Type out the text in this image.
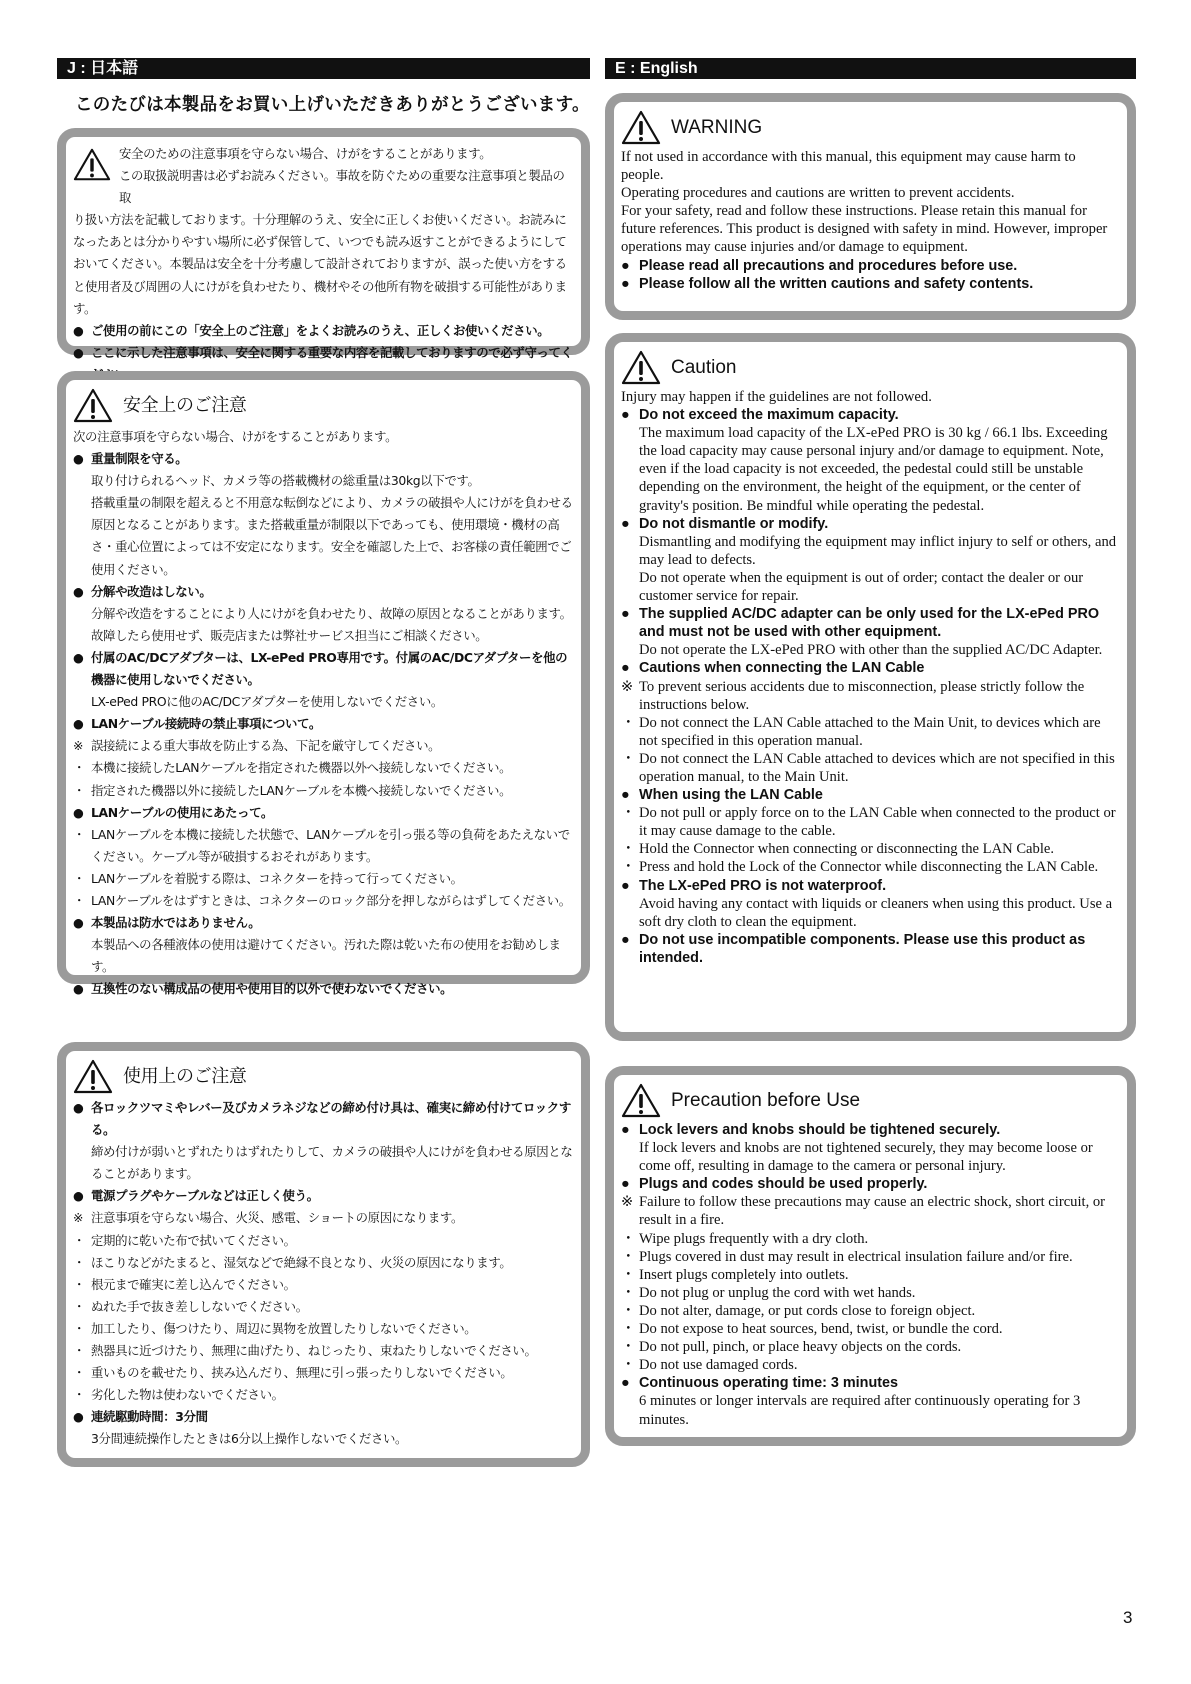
J : 日本語
このたびは本製品をお買い上げいただきありがとうございます。

安全のための注意事項を守らない場合、けがをすることがあります。

この取扱説明書は必ずお読みください。事故を防ぐための重要な注意事項と製品の取

り扱い方法を記載しております。十分理解のうえ、安全に正しくお使いください。お読みになったあとは分かりやすい場所に必ず保管して、いつでも読み返すことができるようにしておいてください。本製品は安全を十分考慮して設計されておりますが、誤った使い方をすると使用者及び周囲の人にけがを負わせたり、機材やその他所有物を破損する可能性があります。

● ご使用の前にこの「安全上のご注意」をよくお読みのうえ、正しくお使いください。

● ここに示した注意事項は、安全に関する重要な内容を記載しておりますので必ず守ってく

安全上のご注意

次の注意事項を守らない場合、けがをすることがあります。

● 重量制限を守る。

取り付けられるヘッド、カメラ等の搭載機材の総重量は30kg以下です。

搭載重量の制限を超えると不用意な転倒などにより、カメラの破損や人にけがを負わせる原因となることがあります。また搭載重量が制限以下であっても、使用環境・機材の高さ・重心位置によっては不安定になります。安全を確認した上で、お客様の責任範囲でご使用ください。

● 分解や改造はしない。

分解や改造をすることにより人にけがを負わせたり、故障の原因となることがあります。故障したら使用せず、販売店または弊社サービス担当にご相談ください。

● 付属のAC/DCアダプターは、LX-ePed PRO専用です。付属のAC/DCアダプターを他の機器に使用しないでください。

LX-ePed PROに他のAC/DCアダプターを使用しないでください。

● LANケーブル接続時の禁止事項について。

※ 誤接続による重大事故を防止する為、下記を厳守してください。

・ 本機に接続したLANケーブルを指定された機器以外へ接続しないでください。

・ 指定された機器以外に接続したLANケーブルを本機へ接続しないでください。

● LANケーブルの使用にあたって。

・ LANケーブルを本機に接続した状態で、LANケーブルを引っ張る等の負荷をあたえないでください。ケーブル等が破損するおそれがあります。

・ LANケーブルを着脱する際は、コネクターを持って行ってください。

・ LANケーブルをはずすときは、コネクターのロック部分を押しながらはずしてください。

● 本製品は防水ではありません。

本製品への各種液体の使用は避けてください。汚れた際は乾いた布の使用をお勧めします。

● 互換性のない構成品の使用や使用目的以外で使わないでください。

使用上のご注意

● 各ロックツマミやレバー及びカメラネジなどの締め付け具は、確実に締め付けてロックする。

締め付けが弱いとずれたりはずれたりして、カメラの破損や人にけがを負わせる原因となることがあります。

● 電源プラグやケーブルなどは正しく使う。

※ 注意事項を守らない場合、火災、感電、ショートの原因になります。

・ 定期的に乾いた布で拭いてください。

・ ほこりなどがたまると、湿気などで絶縁不良となり、火災の原因になります。

・ 根元まで確実に差し込んでください。

・ ぬれた手で抜き差ししないでください。

・ 加工したり、傷つけたり、周辺に異物を放置したりしないでください。

・ 熱器具に近づけたり、無理に曲げたり、ねじったり、束ねたりしないでください。

・ 重いものを載せたり、挟み込んだり、無理に引っ張ったりしないでください。

・ 劣化した物は使わないでください。

● 連続駆動時間：3分間

3分間連続操作したときは6分以上操作しないでください。

E : English
WARNING

If not used in accordance with this manual, this equipment may cause harm to people.

Operating procedures and cautions are written to prevent accidents.

For your safety, read and follow these instructions. Please retain this manual for future references. This product is designed with safety in mind. However, improper operations may cause injuries and/or damage to equipment.

● Please read all precautions and procedures before use.

● Please follow all the written cautions and safety contents.

Caution

Injury may happen if the guidelines are not followed.

● Do not exceed the maximum capacity.

The maximum load capacity of the LX-ePed PRO is 30 kg / 66.1 lbs. Exceeding the load capacity may cause personal injury and/or damage to equipment. Note, even if the load capacity is not exceeded, the pedestal could still be unstable depending on the environment, the height of the equipment, or the center of gravity's position. Be mindful while operating the pedestal.

● Do not dismantle or modify.

Dismantling and modifying the equipment may inflict injury to self or others, and may lead to defects.

Do not operate when the equipment is out of order; contact the dealer or our customer service for repair.

● The supplied AC/DC adapter can be only used for the LX-ePed PRO and must not be used with other equipment.

Do not operate the LX-ePed PRO with other than the supplied AC/DC Adapter.

● Cautions when connecting the LAN Cable

※ To prevent serious accidents due to misconnection, please strictly follow the instructions below.

・ Do not connect the LAN Cable attached to the Main Unit, to devices which are not specified in this operation manual.

・ Do not connect the LAN Cable attached to devices which are not specified in this operation manual, to the Main Unit.

● When using the LAN Cable

・ Do not pull or apply force on to the LAN Cable when connected to the product or it may cause damage to the cable.

・ Hold the Connector when connecting or disconnecting the LAN Cable.

・ Press and hold the Lock of the Connector while disconnecting the LAN Cable.

● The LX-ePed PRO is not waterproof.

Avoid having any contact with liquids or cleaners when using this product. Use a soft dry cloth to clean the equipment.

● Do not use incompatible components. Please use this product as intended.

Precaution before Use

● Lock levers and knobs should be tightened securely.

If lock levers and knobs are not tightened securely, they may become loose or come off, resulting in damage to the camera or personal injury.

● Plugs and codes should be used properly.

※ Failure to follow these precautions may cause an electric shock, short circuit, or result in a fire.

・ Wipe plugs frequently with a dry cloth.

・ Plugs covered in dust may result in electrical insulation failure and/or fire.

・ Insert plugs completely into outlets.

・ Do not plug or unplug the cord with wet hands.

・ Do not alter, damage, or put cords close to foreign object.

・ Do not expose to heat sources, bend, twist, or bundle the cord.

・ Do not pull, pinch, or place heavy objects on the cords.

・ Do not use damaged cords.

● Continuous operating time: 3 minutes

6 minutes or longer intervals are required after continuously operating for 3 minutes.

3
